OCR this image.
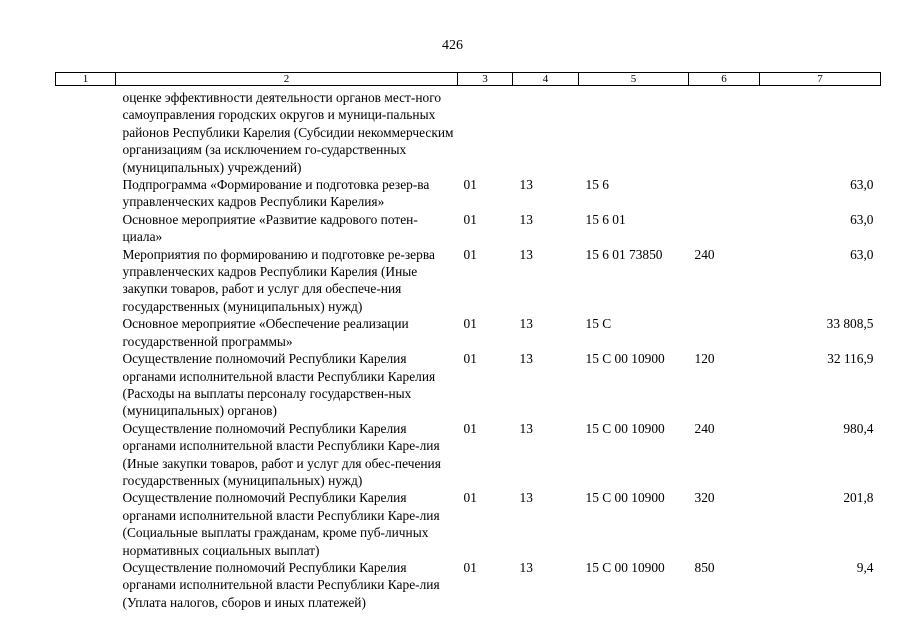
426
1	2	3	4	5	6	7
	оценке эффективности деятельности органов мест-ного самоуправления городских округов и муници-пальных районов Республики Карелия (Субсидии некоммерческим организациям (за исключением го-сударственных (муниципальных) учреждений)					
	Подпрограмма «Формирование и подготовка резер-ва управленческих кадров Республики Карелия»	01	13	15 6		63,0
	Основное мероприятие «Развитие кадрового потен-циала»	01	13	15 6 01		63,0
	Мероприятия по формированию и подготовке ре-зерва управленческих кадров Республики Карелия (Иные закупки товаров, работ и услуг для обеспече-ния государственных (муниципальных) нужд)	01	13	15 6 01 73850	240	63,0
	Основное мероприятие «Обеспечение реализации государственной программы»	01	13	15 С		33 808,5
	Осуществление полномочий Республики Карелия органами исполнительной власти Республики Карелия (Расходы на выплаты персоналу государствен-ных (муниципальных) органов)	01	13	15 С 00 10900	120	32 116,9
	Осуществление полномочий Республики Карелия органами исполнительной власти Республики Каре-лия (Иные закупки товаров, работ и услуг для обес-печения государственных (муниципальных) нужд)	01	13	15 С 00 10900	240	980,4
	Осуществление полномочий Республики Карелия органами исполнительной власти Республики Каре-лия (Социальные выплаты гражданам, кроме пуб-личных нормативных социальных выплат)	01	13	15 С 00 10900	320	201,8
	Осуществление полномочий Республики Карелия органами исполнительной власти Республики Каре-лия (Уплата налогов, сборов и иных платежей)	01	13	15 С 00 10900	850	9,4
